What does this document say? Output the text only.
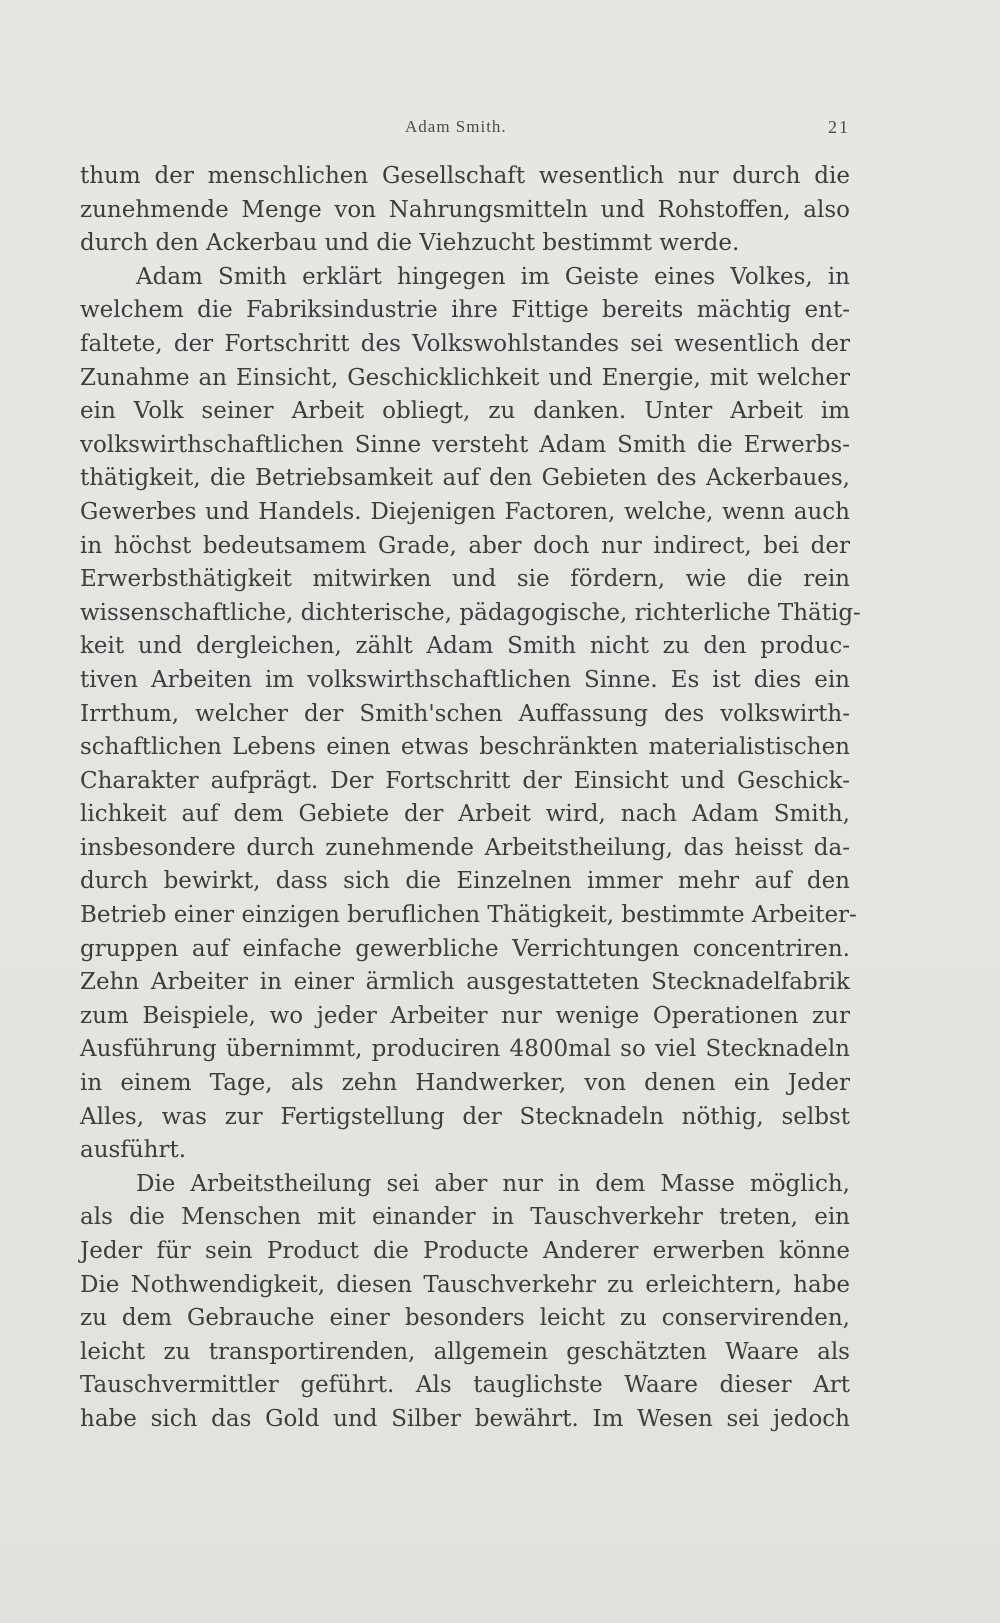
Adam Smith.	21
thum der menschlichen Gesellschaft wesentlich nur durch die
zunehmende Menge von Nahrungsmitteln und Rohstoffen, also
durch den Ackerbau und die Viehzucht bestimmt werde.
Adam Smith erklärt hingegen im Geiste eines Volkes, in
welchem die Fabriksindustrie ihre Fittige bereits mächtig ent-
faltete, der Fortschritt des Volkswohlstandes sei wesentlich der
Zunahme an Einsicht, Geschicklichkeit und Energie, mit welcher
ein Volk seiner Arbeit obliegt, zu danken. Unter Arbeit im
volkswirthschaftlichen Sinne versteht Adam Smith die Erwerbs-
thätigkeit, die Betriebsamkeit auf den Gebieten des Ackerbaues,
Gewerbes und Handels. Diejenigen Factoren, welche, wenn auch
in höchst bedeutsamem Grade, aber doch nur indirect, bei der
Erwerbsthätigkeit mitwirken und sie fördern, wie die rein
wissenschaftliche, dichterische, pädagogische, richterliche Thätig-
keit und dergleichen, zählt Adam Smith nicht zu den produc-
tiven Arbeiten im volkswirthschaftlichen Sinne. Es ist dies ein
Irrthum, welcher der Smith'schen Auffassung des volkswirth-
schaftlichen Lebens einen etwas beschränkten materialistischen
Charakter aufprägt. Der Fortschritt der Einsicht und Geschick-
lichkeit auf dem Gebiete der Arbeit wird, nach Adam Smith,
insbesondere durch zunehmende Arbeitstheilung, das heisst da-
durch bewirkt, dass sich die Einzelnen immer mehr auf den
Betrieb einer einzigen beruflichen Thätigkeit, bestimmte Arbeiter-
gruppen auf einfache gewerbliche Verrichtungen concentriren.
Zehn Arbeiter in einer ärmlich ausgestatteten Stecknadelfabrik
zum Beispiele, wo jeder Arbeiter nur wenige Operationen zur
Ausführung übernimmt, produciren 4800mal so viel Stecknadeln
in einem Tage, als zehn Handwerker, von denen ein Jeder
Alles, was zur Fertigstellung der Stecknadeln nöthig, selbst
ausführt.
Die Arbeitstheilung sei aber nur in dem Masse möglich,
als die Menschen mit einander in Tauschverkehr treten, ein
Jeder für sein Product die Producte Anderer erwerben könne
Die Nothwendigkeit, diesen Tauschverkehr zu erleichtern, habe
zu dem Gebrauche einer besonders leicht zu conservirenden,
leicht zu transportirenden, allgemein geschätzten Waare als
Tauschvermittler geführt. Als tauglichste Waare dieser Art
habe sich das Gold und Silber bewährt. Im Wesen sei jedoch
